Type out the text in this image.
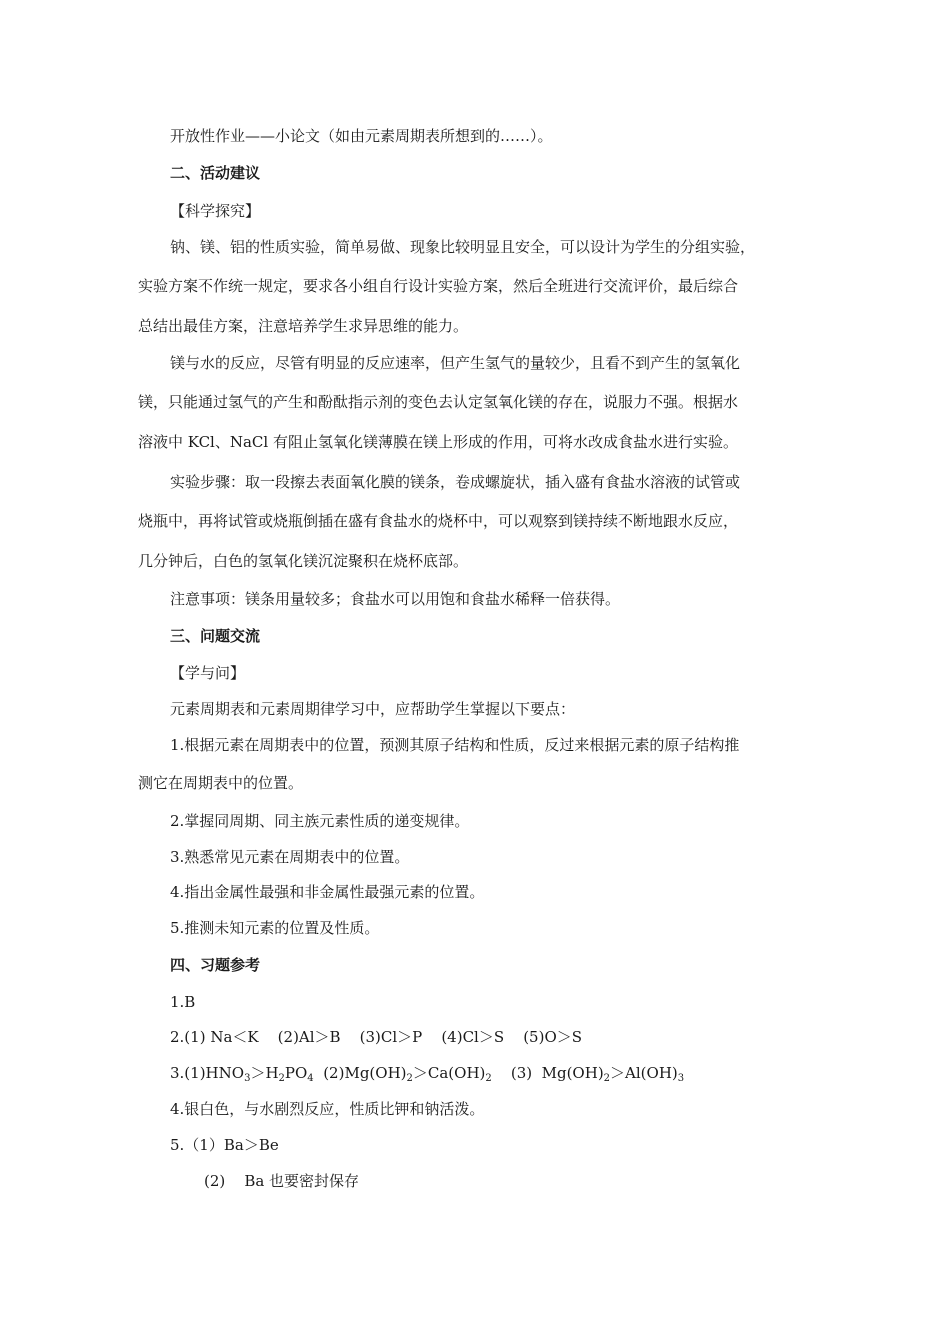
开放性作业——小论文（如由元素周期表所想到的……）。
二、活动建议
【科学探究】
钠、镁、铝的性质实验，简单易做、现象比较明显且安全，可以设计为学生的分组实验，
实验方案不作统一规定，要求各小组自行设计实验方案，然后全班进行交流评价，最后综合
总结出最佳方案，注意培养学生求异思维的能力。
镁与水的反应，尽管有明显的反应速率，但产生氢气的量较少，且看不到产生的氢氧化
镁，只能通过氢气的产生和酚酞指示剂的变色去认定氢氧化镁的存在，说服力不强。根据水
溶液中 KCl、NaCl 有阻止氢氧化镁薄膜在镁上形成的作用，可将水改成食盐水进行实验。
实验步骤：取一段擦去表面氧化膜的镁条，卷成螺旋状，插入盛有食盐水溶液的试管或
烧瓶中，再将试管或烧瓶倒插在盛有食盐水的烧杯中，可以观察到镁持续不断地跟水反应，
几分钟后，白色的氢氧化镁沉淀聚积在烧杯底部。
注意事项：镁条用量较多；食盐水可以用饱和食盐水稀释一倍获得。
三、问题交流
【学与问】
元素周期表和元素周期律学习中，应帮助学生掌握以下要点：
1.根据元素在周期表中的位置，预测其原子结构和性质，反过来根据元素的原子结构推
测它在周期表中的位置。
2.掌握同周期、同主族元素性质的递变规律。
3.熟悉常见元素在周期表中的位置。
4.指出金属性最强和非金属性最强元素的位置。
5.推测未知元素的位置及性质。
四、习题参考
1.B
2.(1) Na＜K    (2)Al＞B    (3)Cl＞P    (4)Cl＞S    (5)O＞S
$3.(1)HNO_3>H_2PO_4$  $(2)Mg(OH)_2>Ca(OH)_2$    (3)  $Mg(OH)_2>Al(OH)_3$
4.银白色，与水剧烈反应，性质比钾和钠活泼。
5.（1）Ba＞Be
(2)    Ba 也要密封保存
